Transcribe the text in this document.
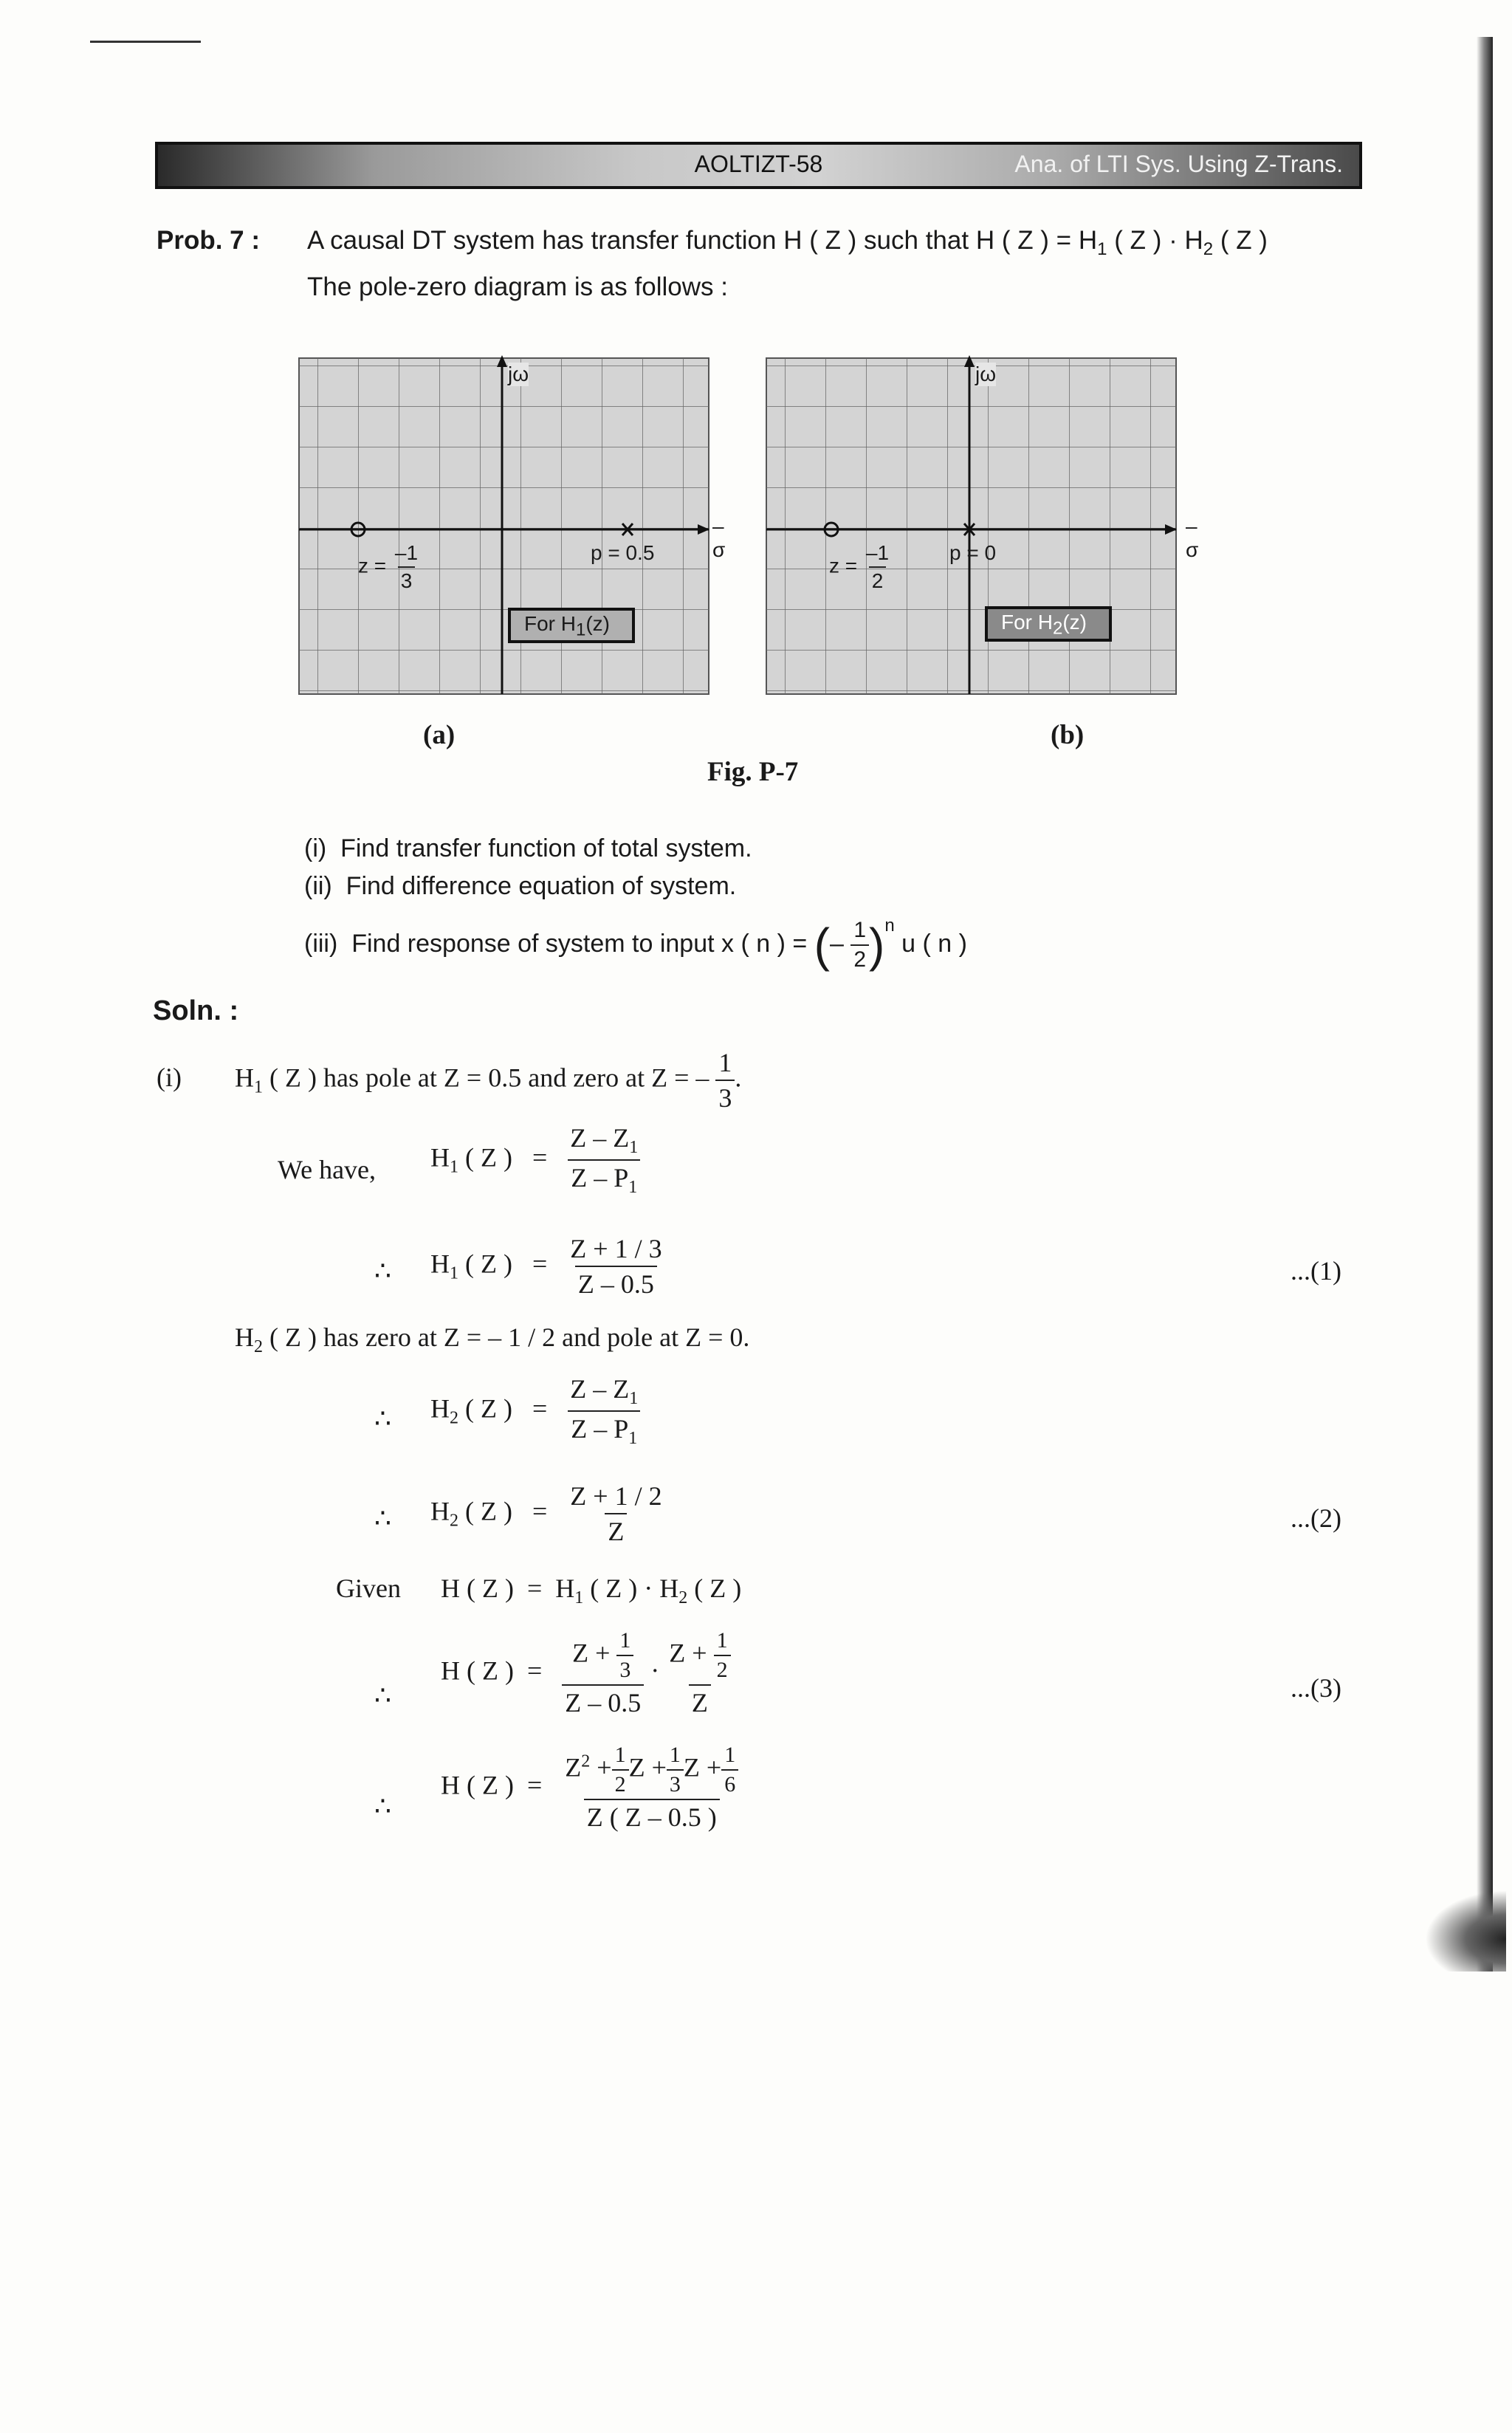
AOLTIZT-58	Ana. of LTI Sys. Using Z-Trans.
Prob. 7 : A causal DT system has transfer function H ( Z ) such that H ( Z ) = $H_1$ ( Z ) · $H_2$ ( Z )
The pole-zero diagram is as follows :
jω
–σ
$z = \frac{-1}{3}$	p = 0.5
For $H_1(z)$
(a)
jω
–σ
$z = \frac{-1}{2}$	p = 0
For $H_2(z)$
(b)
Fig. P-7
(i) Find transfer function of total system.
(ii) Find difference equation of system.
(iii) Find response of system to input x ( n ) = (– $\frac{1}{2} )^n$ u ( n )
Soln. :
(i) $H_1$ ( Z ) has pole at Z = 0.5 and zero at Z = – $\frac{1}{3}$ .
We have, $H_1$ ( Z ) = $\frac{Z - Z_1}{Z - P_1}$
∴ $H_1$ ( Z ) = $\frac{Z + 1 / 3}{Z - 0.5}$	...(1)
$H_2$ ( Z ) has zero at Z = – 1 / 2 and pole at Z = 0.
∴ $H_2$ ( Z ) = $\frac{Z - Z_1}{Z - P_1}$
∴ $H_2$ ( Z ) = $\frac{Z + 1 / 2}{Z}$	...(2)
Given H ( Z ) = $H_1$ ( Z ) · $H_2$ ( Z )
∴
H ( Z ) = $\frac{Z + \frac{1}{3}}{Z - 0.5} \cdot \frac{Z + \frac{1}{2}}{Z}$	...(3)
∴
H ( Z ) = $\frac{Z^2 + \frac{1}{2} Z + \frac{1}{3} Z + \frac{1}{6}}{Z ( Z - 0.5 )}$
